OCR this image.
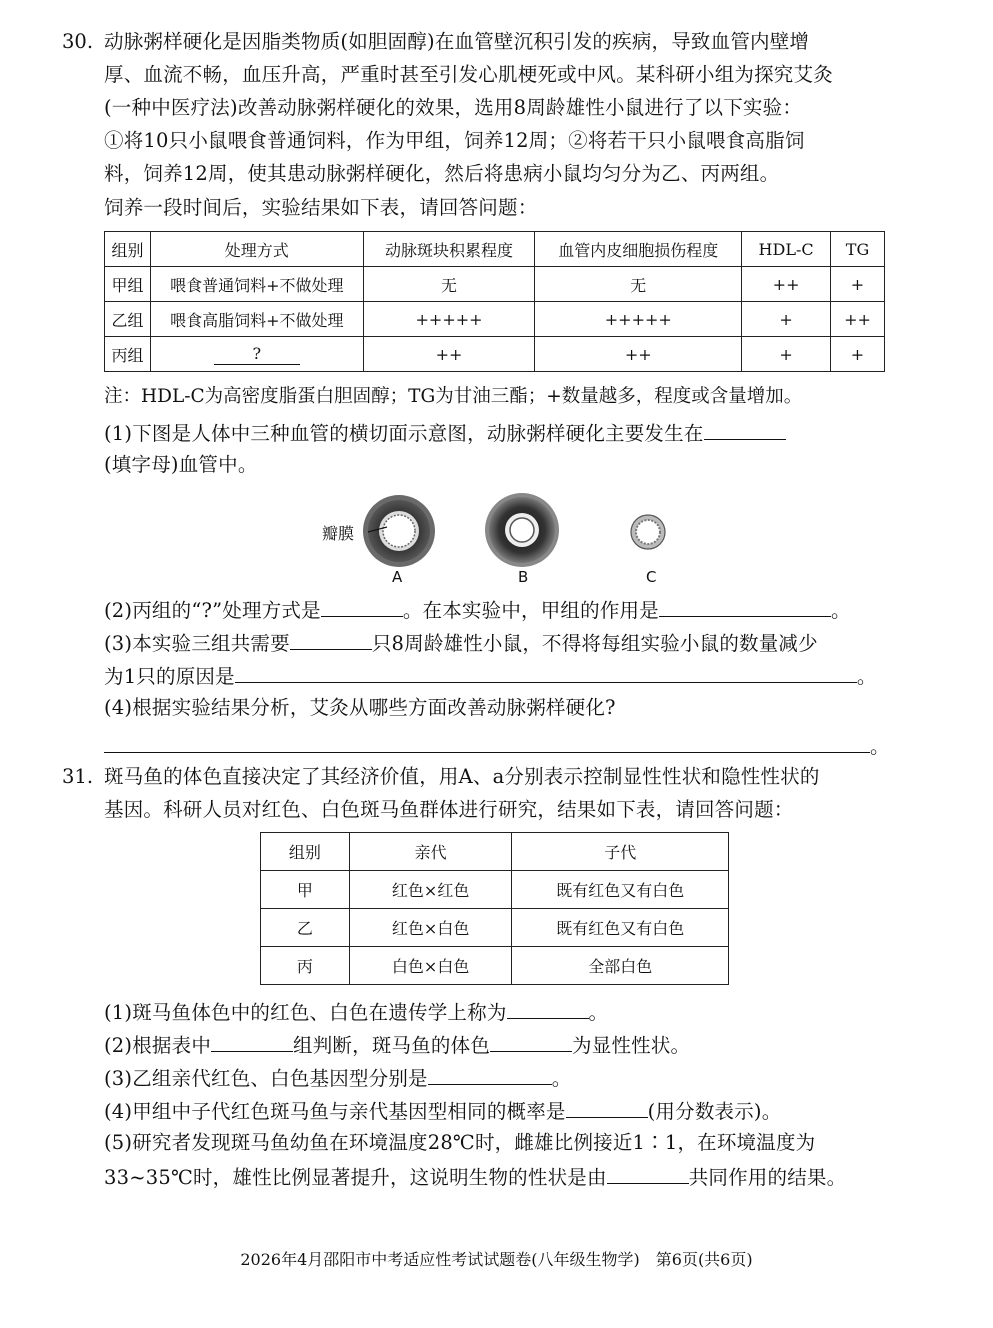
30. 动脉粥样硬化是因脂类物质(如胆固醇)在血管壁沉积引发的疾病，导致血管内壁增
厚、血流不畅，血压升高，严重时甚至引发心肌梗死或中风。某科研小组为探究艾灸
(一种中医疗法)改善动脉粥样硬化的效果，选用8周龄雄性小鼠进行了以下实验：
①将10只小鼠喂食普通饲料，作为甲组，饲养12周；②将若干只小鼠喂食高脂饲
料，饲养12周，使其患动脉粥样硬化，然后将患病小鼠均匀分为乙、丙两组。
饲养一段时间后，实验结果如下表，请回答问题：
组别	处理方式	动脉斑块积累程度	血管内皮细胞损伤程度	HDL-C	TG
甲组	喂食普通饲料+不做处理	无	无	++	+
乙组	喂食高脂饲料+不做处理	+++++	+++++	+	++
丙组	?	++	++	+	+
注：HDL-C为高密度脂蛋白胆固醇；TG为甘油三酯；+数量越多，程度或含量增加。
(1)下图是人体中三种血管的横切面示意图，动脉粥样硬化主要发生在
(填字母)血管中。
瓣膜
A	B	C
(2)丙组的“?”处理方式是	。在本实验中，甲组的作用是	。
(3)本实验三组共需要	只8周龄雄性小鼠，不得将每组实验小鼠的数量减少
为1只的原因是	。
(4)根据实验结果分析，艾灸从哪些方面改善动脉粥样硬化?
。
31. 斑马鱼的体色直接决定了其经济价值，用A、a分别表示控制显性性状和隐性性状的
基因。科研人员对红色、白色斑马鱼群体进行研究，结果如下表，请回答问题：
组别	亲代	子代
甲	红色×红色	既有红色又有白色
乙	红色×白色	既有红色又有白色
丙	白色×白色	全部白色
(1)斑马鱼体色中的红色、白色在遗传学上称为	。
(2)根据表中	组判断，斑马鱼的体色	为显性性状。
(3)乙组亲代红色、白色基因型分别是	。
(4)甲组中子代红色斑马鱼与亲代基因型相同的概率是	(用分数表示)。
(5)研究者发现斑马鱼幼鱼在环境温度28℃时，雌雄比例接近1∶1，在环境温度为
33~35℃时，雄性比例显著提升，这说明生物的性状是由	共同作用的结果。
2026年4月邵阳市中考适应性考试试题卷(八年级生物学)　第6页(共6页)
